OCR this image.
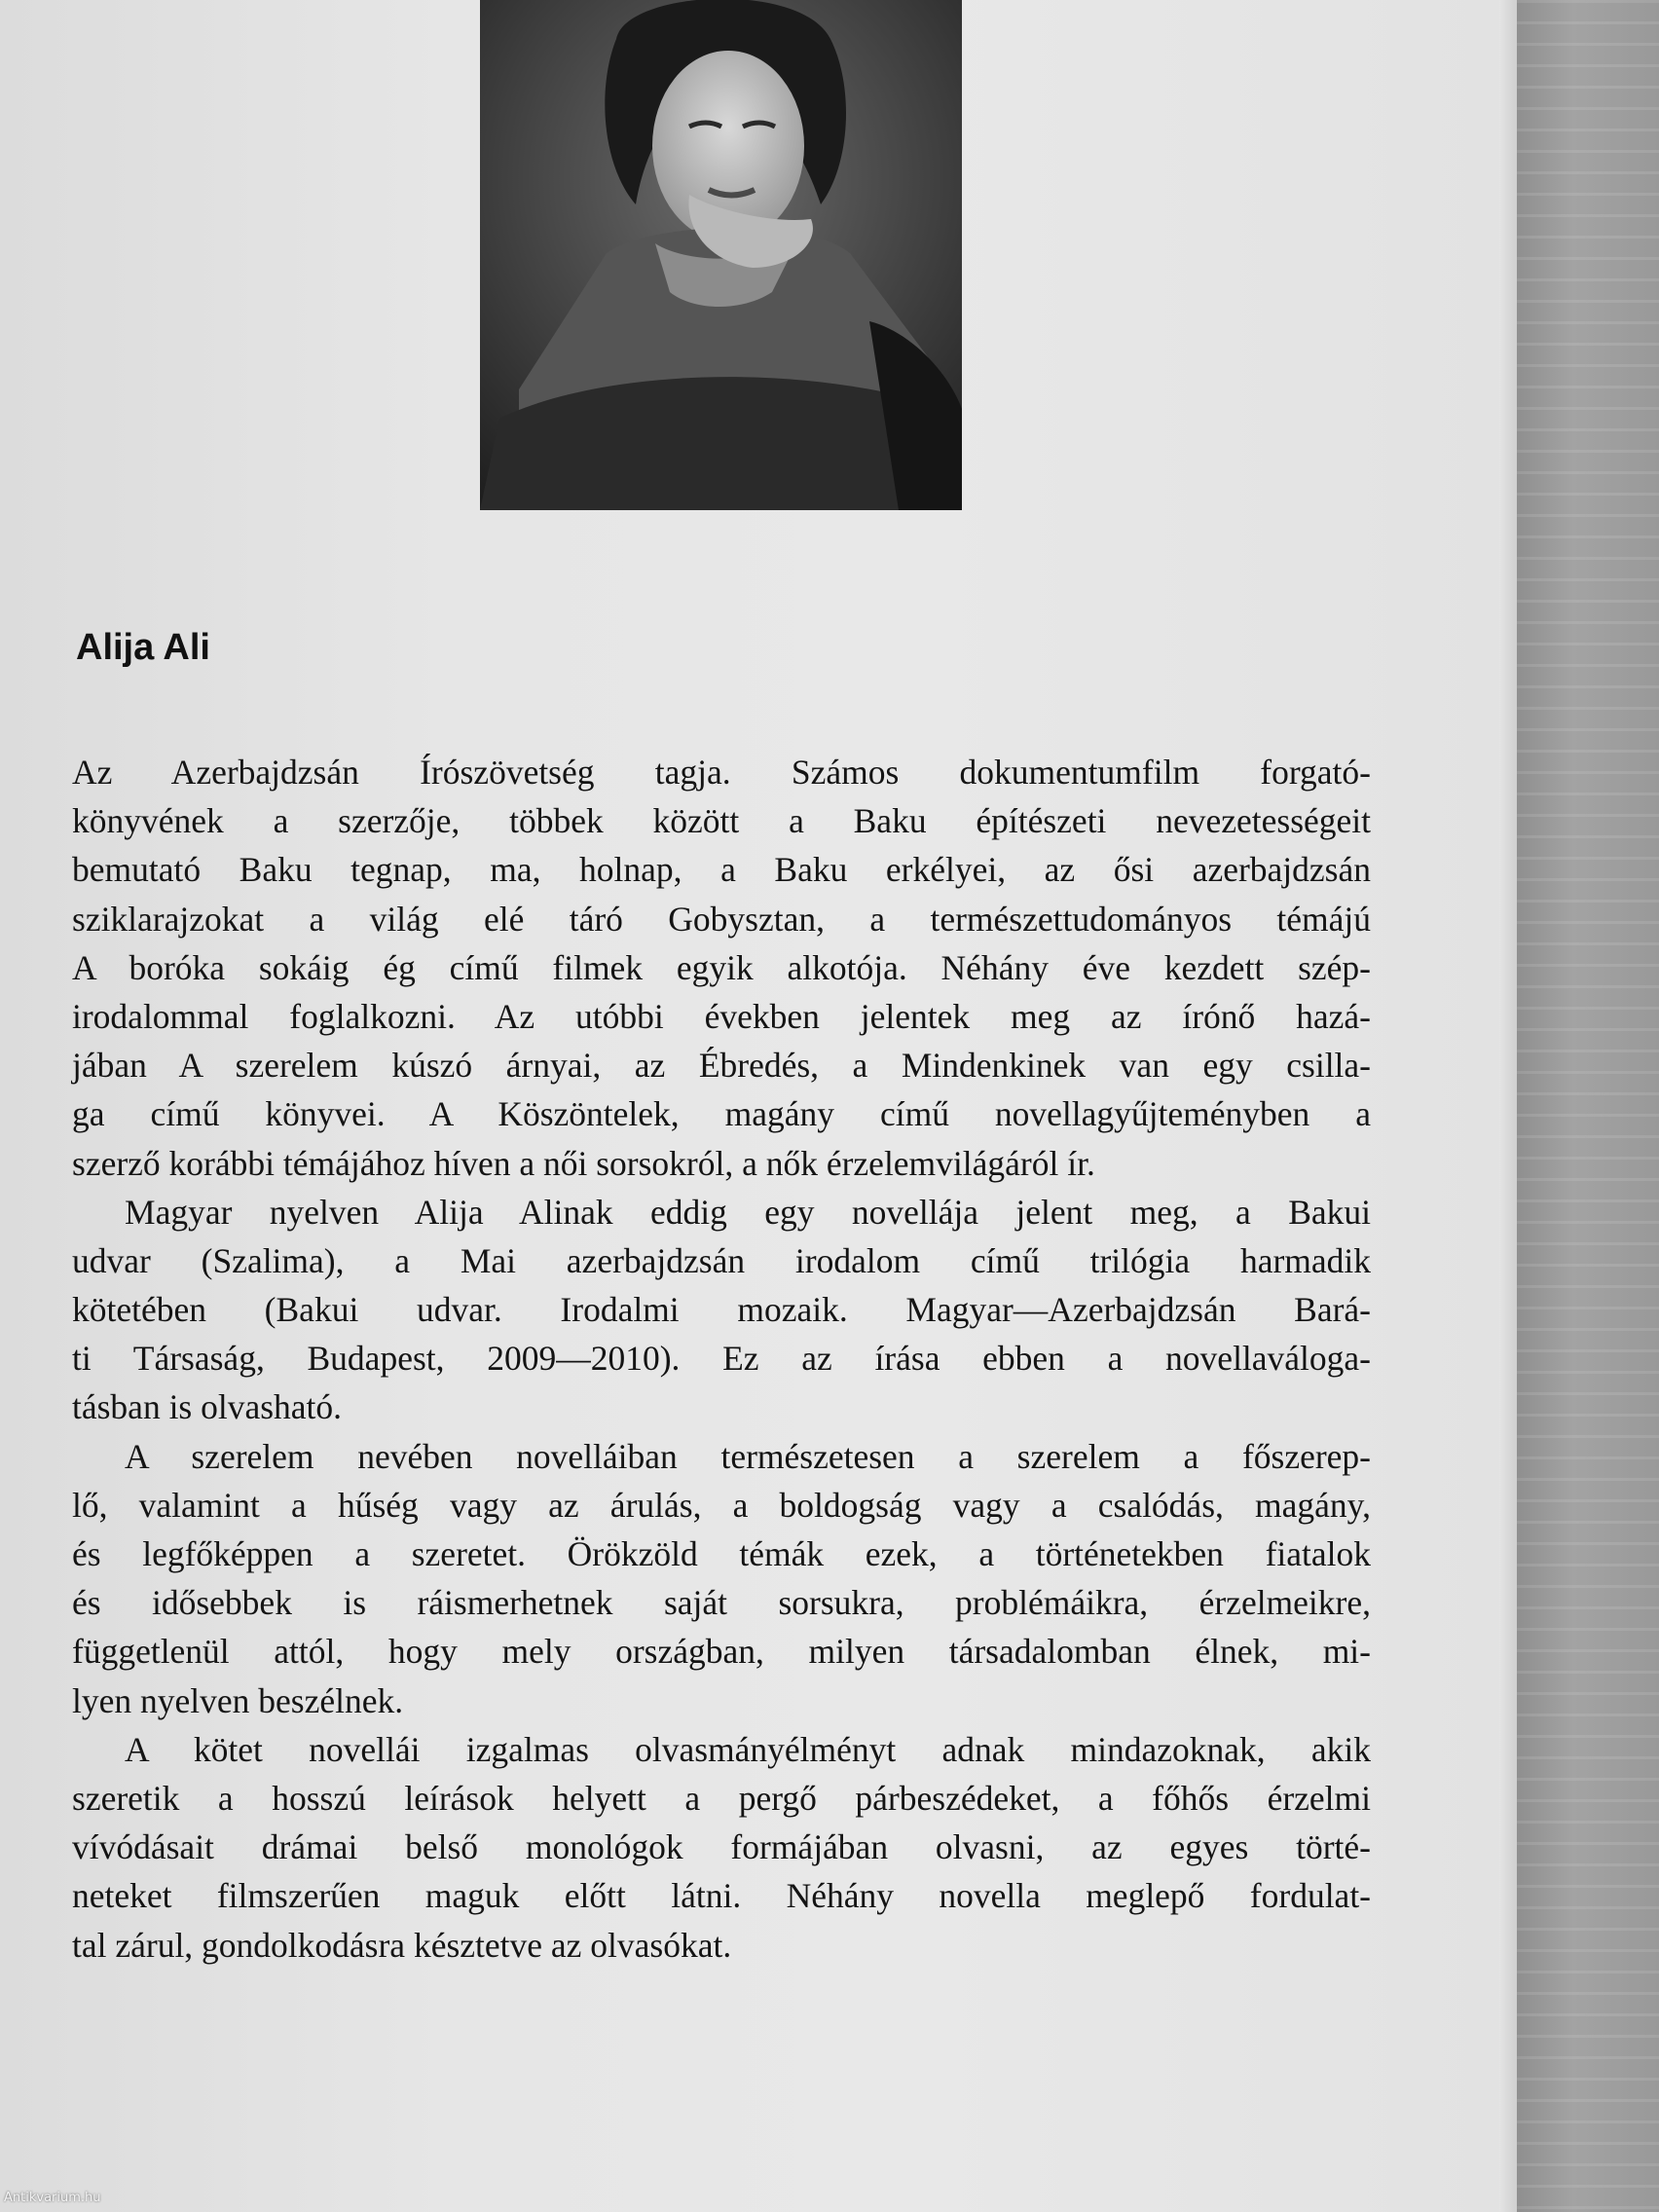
Alija Ali
Az Azerbajdzsán Írószövetség tagja. Számos dokumentumfilm forgató-
könyvének a szerzője, többek között a Baku építészeti nevezetességeit
bemutató Baku tegnap, ma, holnap, a Baku erkélyei, az ősi azerbajdzsán
sziklarajzokat a világ elé táró Gobysztan, a természettudományos témájú
A boróka sokáig ég című filmek egyik alkotója. Néhány éve kezdett szép-
irodalommal foglalkozni. Az utóbbi években jelentek meg az írónő hazá-
jában A szerelem kúszó árnyai, az Ébredés, a Mindenkinek van egy csilla-
ga című könyvei. A Köszöntelek, magány című novellagyűjteményben a
szerző korábbi témájához híven a női sorsokról, a nők érzelemvilágáról ír.
Magyar nyelven Alija Alinak eddig egy novellája jelent meg, a Bakui
udvar (Szalima), a Mai azerbajdzsán irodalom című trilógia harmadik
kötetében (Bakui udvar. Irodalmi mozaik. Magyar—Azerbajdzsán Bará-
ti Társaság, Budapest, 2009—2010). Ez az írása ebben a novellaváloga-
tásban is olvasható.
A szerelem nevében novelláiban természetesen a szerelem a főszerep-
lő, valamint a hűség vagy az árulás, a boldogság vagy a csalódás, magány,
és legfőképpen a szeretet. Örökzöld témák ezek, a történetekben fiatalok
és idősebbek is ráismerhetnek saját sorsukra, problémáikra, érzelmeikre,
függetlenül attól, hogy mely országban, milyen társadalomban élnek, mi-
lyen nyelven beszélnek.
A kötet novellái izgalmas olvasmányélményt adnak mindazoknak, akik
szeretik a hosszú leírások helyett a pergő párbeszédeket, a főhős érzelmi
vívódásait drámai belső monológok formájában olvasni, az egyes törté-
neteket filmszerűen maguk előtt látni. Néhány novella meglepő fordulat-
tal zárul, gondolkodásra késztetve az olvasókat.
Antikvarium.hu
